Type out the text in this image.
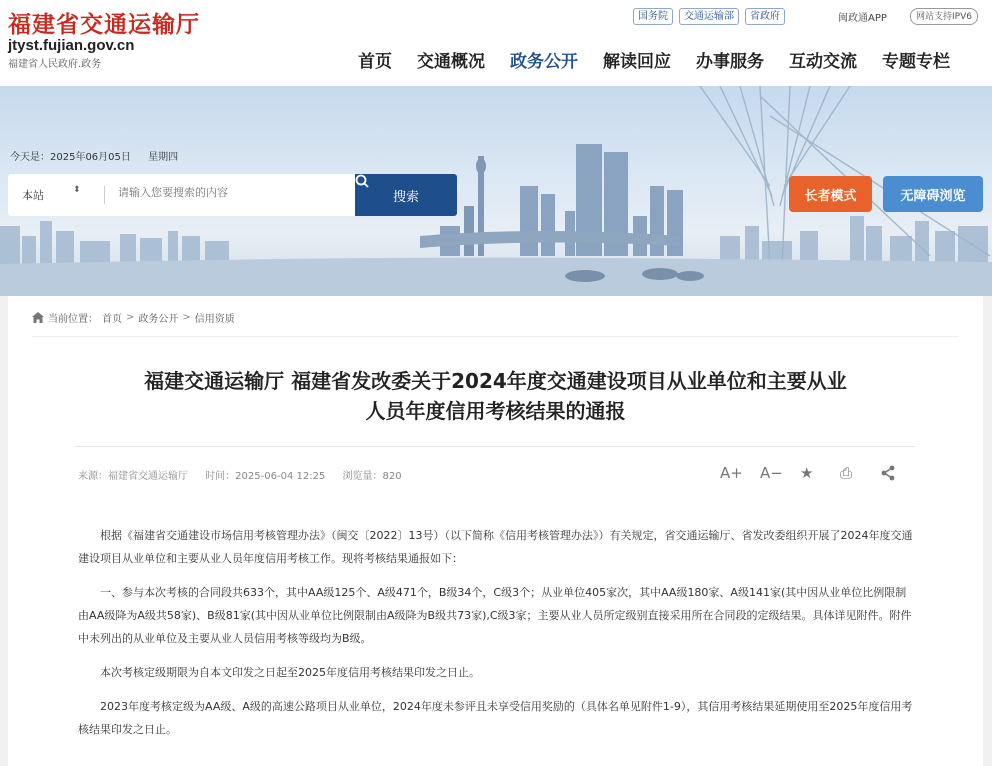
福建省交通运输厅
jtyst.fujian.gov.cn
福建省人民政府.政务
国务院	交通运输部	省政府	闽政通APP	网站支持IPV6
首页 交通概况 政务公开 解读回应 办事服务 互动交流 专题专栏
今天是：2025年06月05日 星期四
本站	⬍
请输入您要搜索的内容	搜索	长者模式	无障碍浏览
当前位置： 首页 > 政务公开 > 信用资质
福建交通运输厅 福建省发改委关于2024年度交通建设项目从业单位和主要从业
人员年度信用考核结果的通报
来源：福建省交通运输厅 时间：2025-06-04 12:25 浏览量：820	A+	A−	★	⎙

根据《福建省交通建设市场信用考核管理办法》（闽交〔2022〕13号）（以下简称《信用考核管理办法》）有关规定，省交通运输厅、省发改委组织开展了2024年度交通建设项目从业单位和主要从业人员年度信用考核工作。现将考核结果通报如下：

一、参与本次考核的合同段共633个，其中AA级125个、A级471个，B级34个，C级3个；从业单位405家次，其中AA级180家、A级141家(其中因从业单位比例限制由AA级降为A级共58家)、B级81家(其中因从业单位比例限制由A级降为B级共73家),C级3家；主要从业人员所定级别直接采用所在合同段的定级结果。具体详见附件。附件中未列出的从业单位及主要从业人员信用考核等级均为B级。

本次考核定级期限为自本文印发之日起至2025年度信用考核结果印发之日止。

2023年度考核定级为AA级、A级的高速公路项目从业单位，2024年度未参评且未享受信用奖励的（具体名单见附件1-9），其信用考核结果延期使用至2025年度信用考核结果印发之日止。
